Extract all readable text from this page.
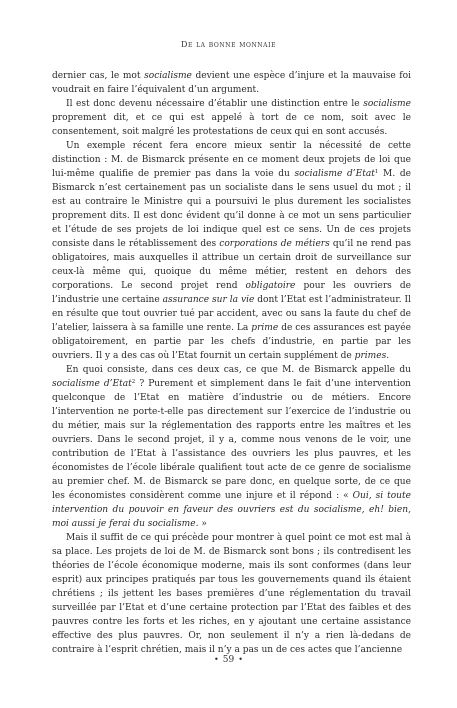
De la bonne monnaie

dernier cas, le mot socialisme devient une espèce d’injure et la mauvaise foi voudrait en faire l’équivalent d’un argument.

Il est donc devenu nécessaire d’établir une distinction entre le socialisme proprement dit, et ce qui est appelé à tort de ce nom, soit avec le consentement, soit malgré les protestations de ceux qui en sont accusés.

Un exemple récent fera encore mieux sentir la nécessité de cette distinction : M. de Bismarck présente en ce moment deux projets de loi que lui-même qualifie de premier pas dans la voie du socialisme d’Etat$^1$ M. de Bismarck n’est certainement pas un socialiste dans le sens usuel du mot ; il est au contraire le Ministre qui a poursuivi le plus durement les socialistes proprement dits. Il est donc évident qu’il donne à ce mot un sens particulier et l’étude de ses projets de loi indique quel est ce sens. Un de ces projets consiste dans le rétablissement des corporations de métiers qu’il ne rend pas obligatoires, mais auxquelles il attribue un certain droit de surveillance sur ceux-là même qui, quoique du même métier, restent en dehors des corporations. Le second projet rend obligatoire pour les ouvriers de l’industrie une certaine assurance sur la vie dont l’Etat est l’administrateur. Il en résulte que tout ouvrier tué par accident, avec ou sans la faute du chef de l’atelier, laissera à sa famille une rente. La prime de ces assurances est payée obligatoirement, en partie par les chefs d’industrie, en partie par les ouvriers. Il y a des cas où l’Etat fournit un certain supplément de primes.

En quoi consiste, dans ces deux cas, ce que M. de Bismarck appelle du socialisme d’Etat$^2$ ? Purement et simplement dans le fait d’une intervention quelconque de l’Etat en matière d’industrie ou de métiers. Encore l’intervention ne porte-t-elle pas directement sur l’exercice de l’industrie ou du métier, mais sur la réglementation des rapports entre les maîtres et les ouvriers. Dans le second projet, il y a, comme nous venons de le voir, une contribution de l’Etat à l’assistance des ouvriers les plus pauvres, et les économistes de l’école libérale qualifient tout acte de ce genre de socialisme au premier chef. M. de Bismarck se pare donc, en quelque sorte, de ce que les économistes considèrent comme une injure et il répond : « Oui, si toute intervention du pouvoir en faveur des ouvriers est du socialisme, eh! bien, moi aussi je ferai du socialisme. »

Mais il suffit de ce qui précède pour montrer à quel point ce mot est mal à sa place. Les projets de loi de M. de Bismarck sont bons ; ils contredisent les théories de l’école économique moderne, mais ils sont conformes (dans leur esprit) aux principes pratiqués par tous les gouvernements quand ils étaient chrétiens ; ils jettent les bases premières d’une réglementation du travail surveillée par l’Etat et d’une certaine protection par l’Etat des faibles et des pauvres contre les forts et les riches, en y ajoutant une certaine assistance effective des plus pauvres. Or, non seulement il n’y a rien là-dedans de contraire à l’esprit chrétien, mais il n’y a pas un de ces actes que l’ancienne

• 59 •
